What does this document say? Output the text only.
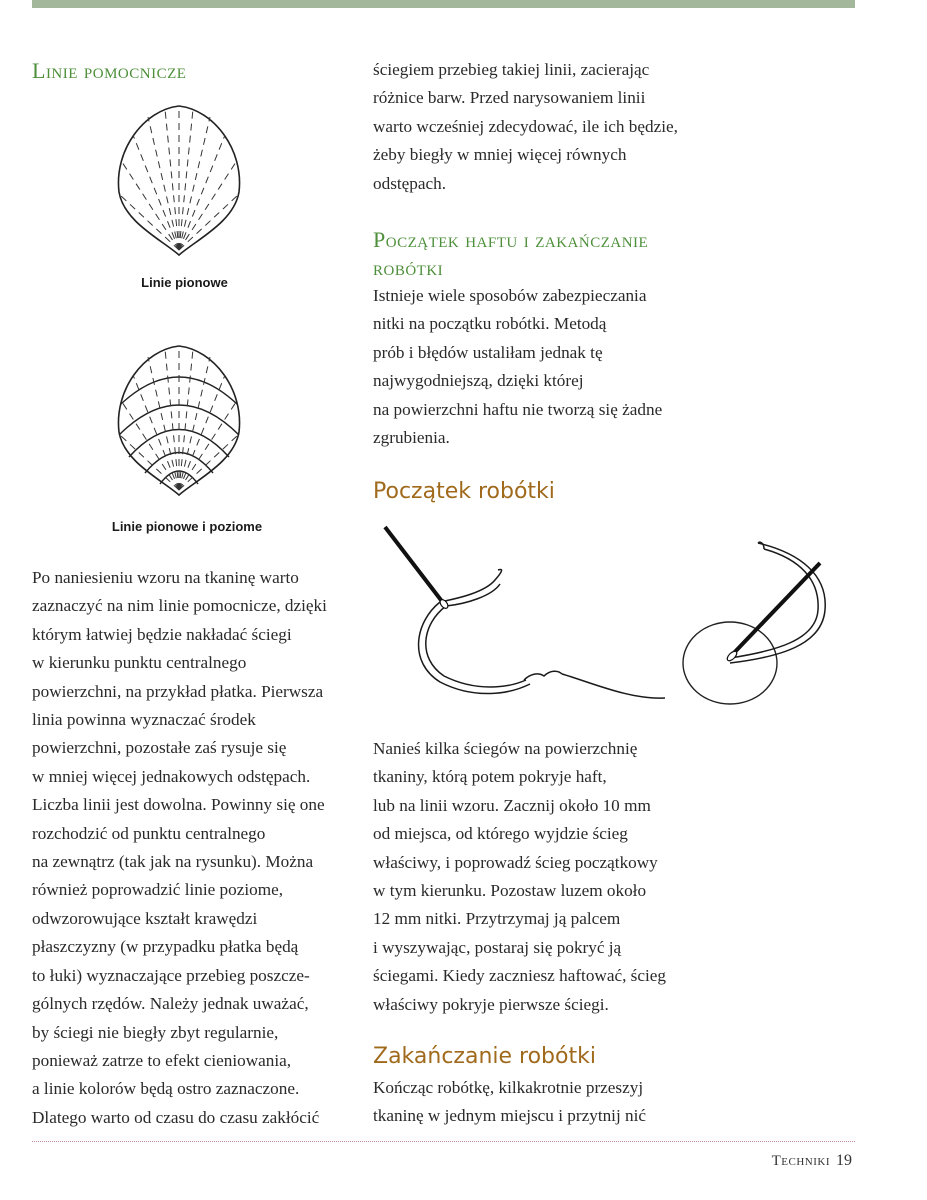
Linie pomocnicze
Linie pionowe
Linie pionowe i poziome

Po naniesieniu wzoru na tkaninę warto
zaznaczyć na nim linie pomocnicze, dzięki
którym łatwiej będzie nakładać ściegi
w kierunku punktu centralnego
powierzchni, na przykład płatka. Pierwsza
linia powinna wyznaczać środek
powierzchni, pozostałe zaś rysuje się
w mniej więcej jednakowych odstępach.
Liczba linii jest dowolna. Powinny się one
rozchodzić od punktu centralnego
na zewnątrz (tak jak na rysunku). Można
również poprowadzić linie poziome,
odwzorowujące kształt krawędzi
płaszczyzny (w przypadku płatka będą
to łuki) wyznaczające przebieg poszcze-
gólnych rzędów. Należy jednak uważać,
by ściegi nie biegły zbyt regularnie,
ponieważ zatrze to efekt cieniowania,
a linie kolorów będą ostro zaznaczone.
Dlatego warto od czasu do czasu zakłócić

ściegiem przebieg takiej linii, zacierając
różnice barw. Przed narysowaniem linii
warto wcześniej zdecydować, ile ich będzie,
żeby biegły w mniej więcej równych
odstępach.

Początek haftu i zakańczanie
robótki

Istnieje wiele sposobów zabezpieczania
nitki na początku robótki. Metodą
prób i błędów ustaliłam jednak tę
najwygodniejszą, dzięki której
na powierzchni haftu nie tworzą się żadne
zgrubienia.

Początek robótki

Nanieś kilka ściegów na powierzchnię
tkaniny, którą potem pokryje haft,
lub na linii wzoru. Zacznij około 10 mm
od miejsca, od którego wyjdzie ścieg
właściwy, i poprowadź ścieg początkowy
w tym kierunku. Pozostaw luzem około
12 mm nitki. Przytrzymaj ją palcem
i wyszywając, postaraj się pokryć ją
ściegami. Kiedy zaczniesz haftować, ścieg
właściwy pokryje pierwsze ściegi.

Zakańczanie robótki

Kończąc robótkę, kilkakrotnie przeszyj
tkaninę w jednym miejscu i przytnij nić

Techniki 19
